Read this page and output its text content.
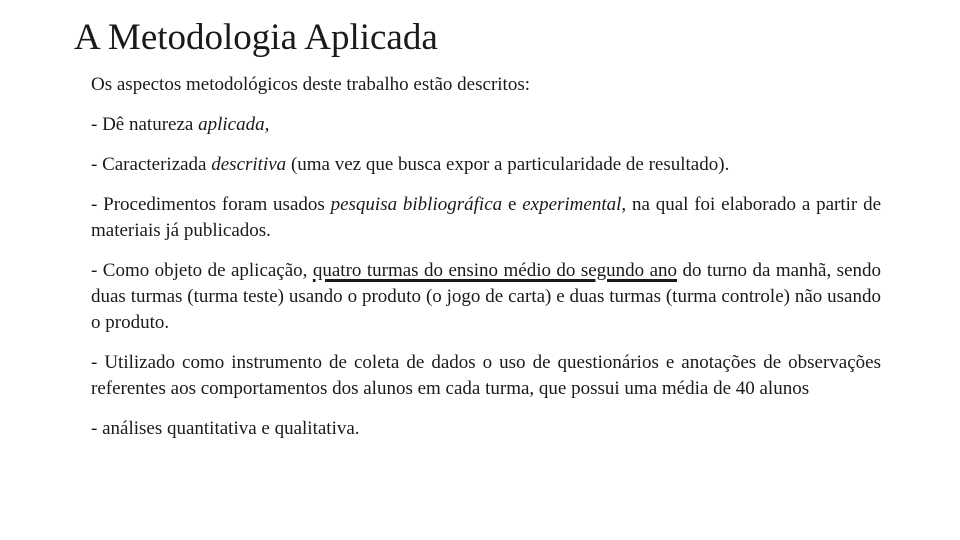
A Metodologia Aplicada

Os aspectos metodológicos deste trabalho estão descritos:

- Dê natureza aplicada,

- Caracterizada descritiva (uma vez que busca expor a particularidade de resultado).

- Procedimentos foram usados pesquisa bibliográfica e experimental, na qual foi elaborado a partir de materiais já publicados.

- Como objeto de aplicação, quatro turmas do ensino médio do segundo ano do turno da manhã, sendo duas turmas (turma teste) usando o produto (o jogo de carta) e duas turmas (turma controle) não usando o produto.

- Utilizado como instrumento de coleta de dados o uso de questionários e anotações de observações referentes aos comportamentos dos alunos em cada turma, que possui uma média de 40 alunos

- análises quantitativa e qualitativa.
